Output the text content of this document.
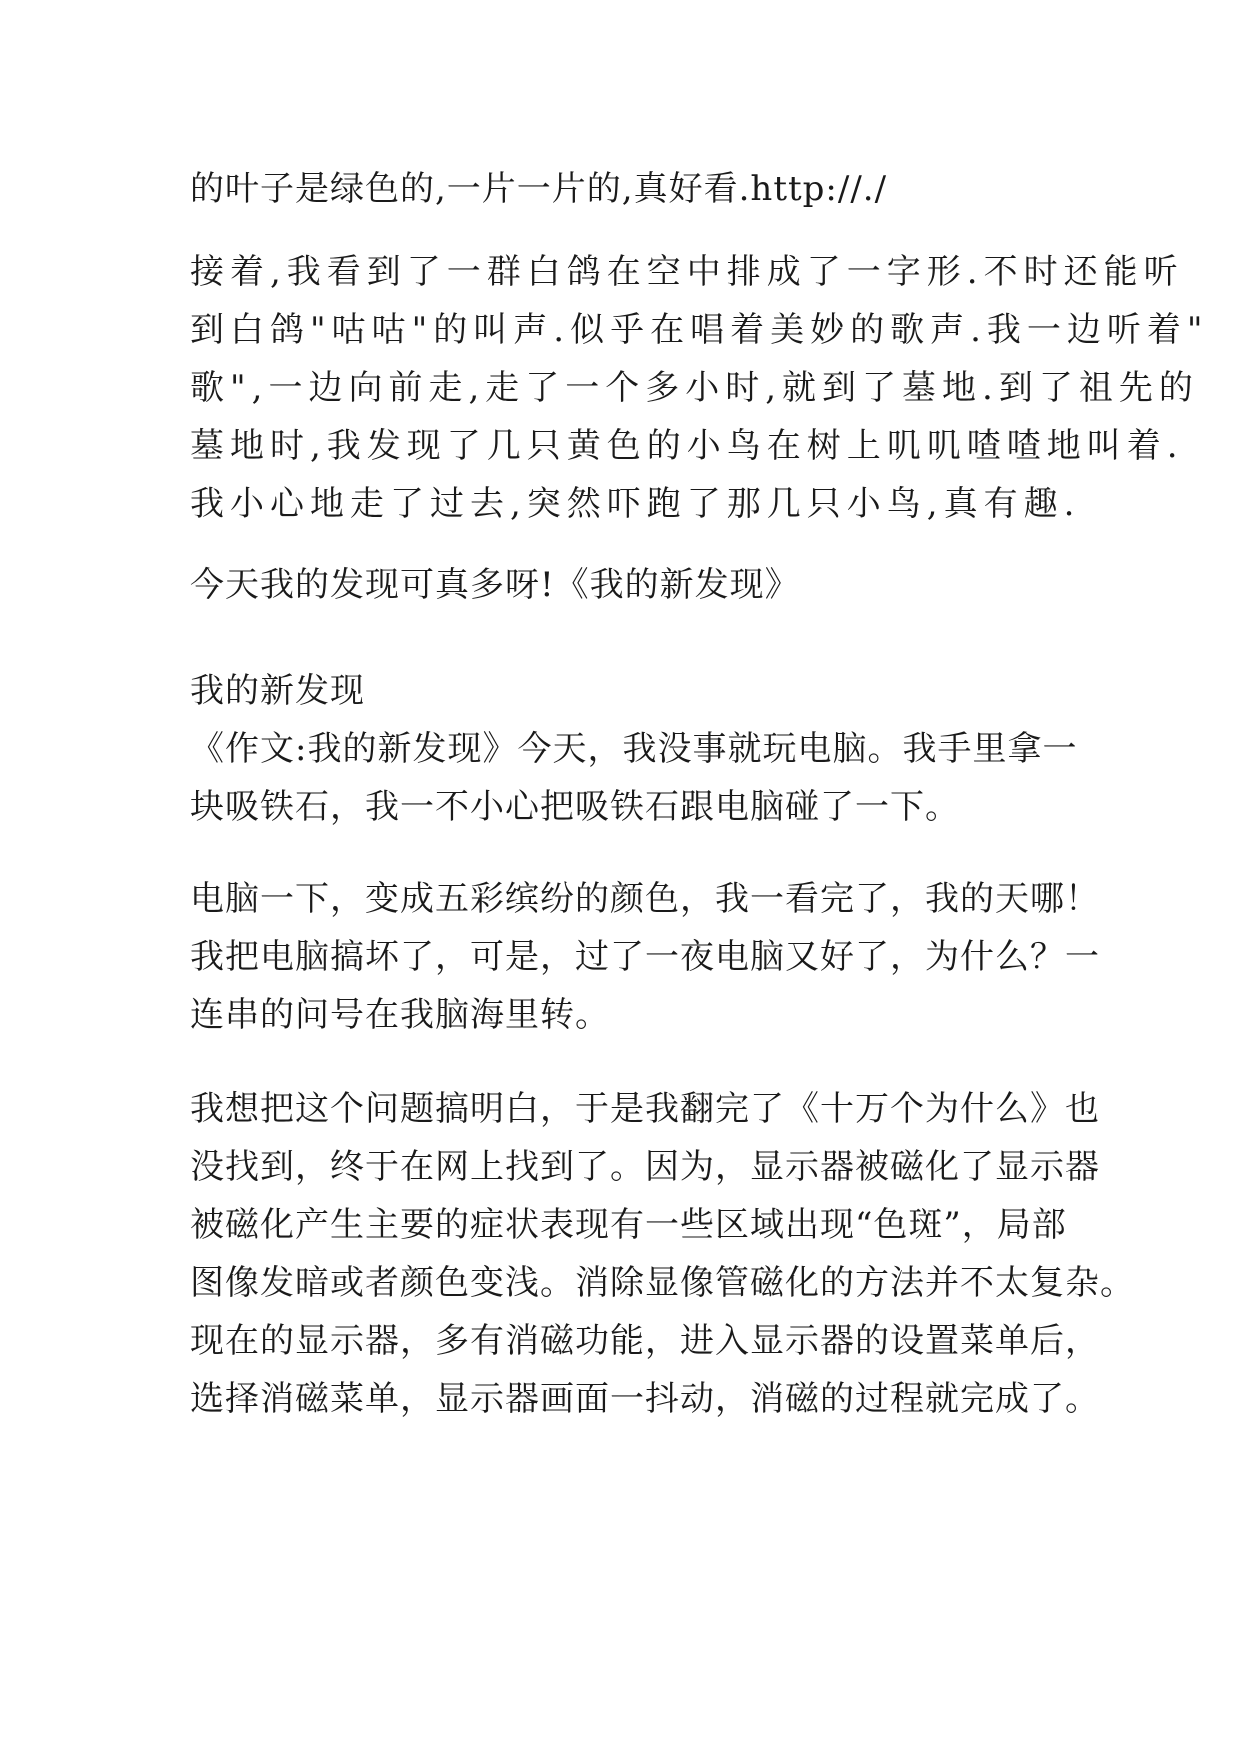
的叶子是绿色的,一片一片的,真好看.http://./
接着,我看到了一群白鸽在空中排成了一字形.不时还能听
到白鸽"咕咕"的叫声.似乎在唱着美妙的歌声.我一边听着"
歌",一边向前走,走了一个多小时,就到了墓地.到了祖先的
墓地时,我发现了几只黄色的小鸟在树上叽叽喳喳地叫着.
我小心地走了过去,突然吓跑了那几只小鸟,真有趣.
今天我的发现可真多呀!《我的新发现》
我的新发现
《作文:我的新发现》今天，我没事就玩电脑。我手里拿一
块吸铁石，我一不小心把吸铁石跟电脑碰了一下。
电脑一下，变成五彩缤纷的颜色，我一看完了，我的天哪！
我把电脑搞坏了，可是，过了一夜电脑又好了，为什么？一
连串的问号在我脑海里转。
我想把这个问题搞明白，于是我翻完了《十万个为什么》也
没找到，终于在网上找到了。因为，显示器被磁化了显示器
被磁化产生主要的症状表现有一些区域出现“色斑”，局部
图像发暗或者颜色变浅。消除显像管磁化的方法并不太复杂。
现在的显示器，多有消磁功能，进入显示器的设置菜单后，
选择消磁菜单，显示器画面一抖动，消磁的过程就完成了。
